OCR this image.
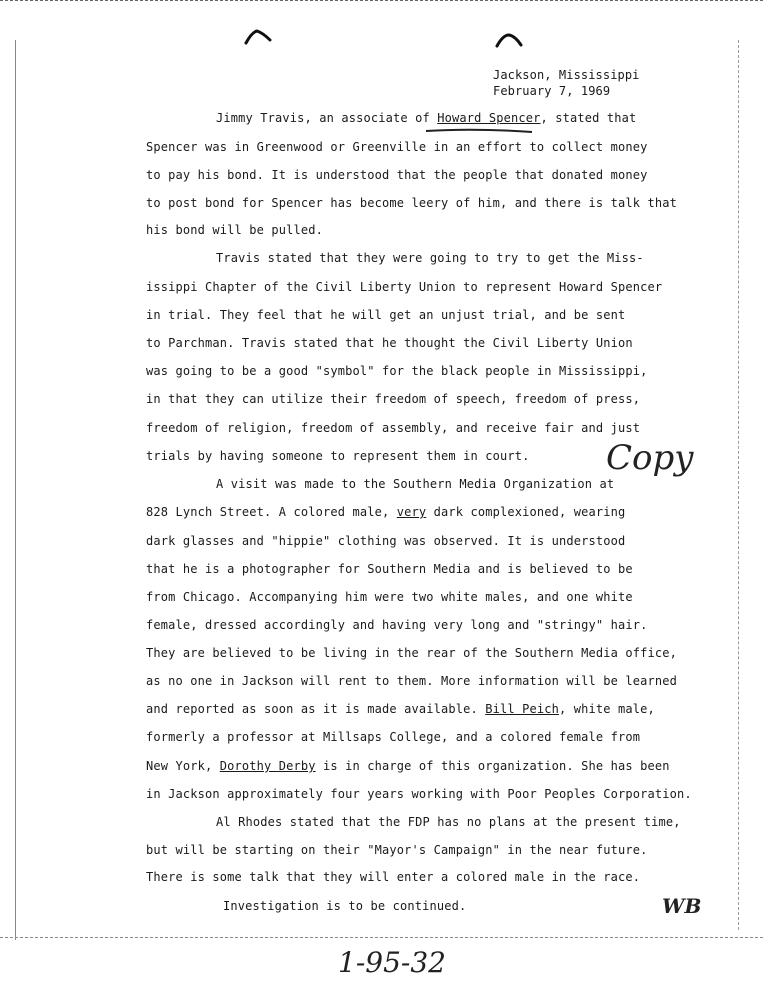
Jackson, Mississippi
February 7, 1969
Jimmy Travis, an associate of Howard Spencer, stated that
Spencer was in Greenwood or Greenville in an effort to collect money
to pay his bond. It is understood that the people that donated money
to post bond for Spencer has become leery of him, and there is talk that
his bond will be pulled.
Travis stated that they were going to try to get the Miss-
issippi Chapter of the Civil Liberty Union to represent Howard Spencer
in trial. They feel that he will get an unjust trial, and be sent
to Parchman. Travis stated that he thought the Civil Liberty Union
was going to be a good "symbol" for the black people in Mississippi,
in that they can utilize their freedom of speech, freedom of press,
freedom of religion, freedom of assembly, and receive fair and just
trials by having someone to represent them in court. Copy
A visit was made to the Southern Media Organization at
828 Lynch Street. A colored male, very dark complexioned, wearing
dark glasses and "hippie" clothing was observed. It is understood
that he is a photographer for Southern Media and is believed to be
from Chicago. Accompanying him were two white males, and one white
female, dressed accordingly and having very long and "stringy" hair.
They are believed to be living in the rear of the Southern Media office,
as no one in Jackson will rent to them. More information will be learned
and reported as soon as it is made available. Bill Peich, white male,
formerly a professor at Millsaps College, and a colored female from
New York, Dorothy Derby is in charge of this organization. She has been
in Jackson approximately four years working with Poor Peoples Corporation.
Al Rhodes stated that the FDP has no plans at the present time,
but will be starting on their "Mayor's Campaign" in the near future.
There is some talk that they will enter a colored male in the race.
Investigation is to be continued.	WB
1-95-32
